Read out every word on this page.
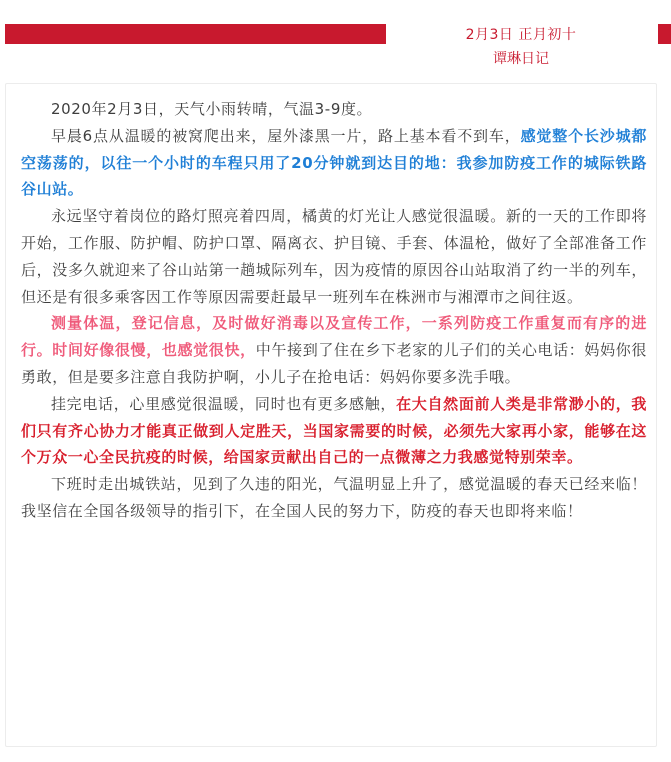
2月3日 正月初十
谭琳日记

2020年2月3日，天气小雨转晴，气温3-9度。

早晨6点从温暖的被窝爬出来，屋外漆黑一片，路上基本看不到车，感觉整个长沙城都空荡荡的，以往一个小时的车程只用了20分钟就到达目的地：我参加防疫工作的城际铁路谷山站。

永远坚守着岗位的路灯照亮着四周，橘黄的灯光让人感觉很温暖。新的一天的工作即将开始，工作服、防护帽、防护口罩、隔离衣、护目镜、手套、体温枪，做好了全部准备工作后，没多久就迎来了谷山站第一趟城际列车，因为疫情的原因谷山站取消了约一半的列车，但还是有很多乘客因工作等原因需要赶最早一班列车在株洲市与湘潭市之间往返。

测量体温，登记信息，及时做好消毒以及宣传工作，一系列防疫工作重复而有序的进行。时间好像很慢，也感觉很快，中午接到了住在乡下老家的儿子们的关心电话：妈妈你很勇敢，但是要多注意自我防护啊，小儿子在抢电话：妈妈你要多洗手哦。

挂完电话，心里感觉很温暖，同时也有更多感触，在大自然面前人类是非常渺小的，我们只有齐心协力才能真正做到人定胜天，当国家需要的时候，必须先大家再小家，能够在这个万众一心全民抗疫的时候，给国家贡献出自己的一点微薄之力我感觉特别荣幸。

下班时走出城铁站，见到了久违的阳光，气温明显上升了，感觉温暖的春天已经来临！我坚信在全国各级领导的指引下，在全国人民的努力下，防疫的春天也即将来临！
